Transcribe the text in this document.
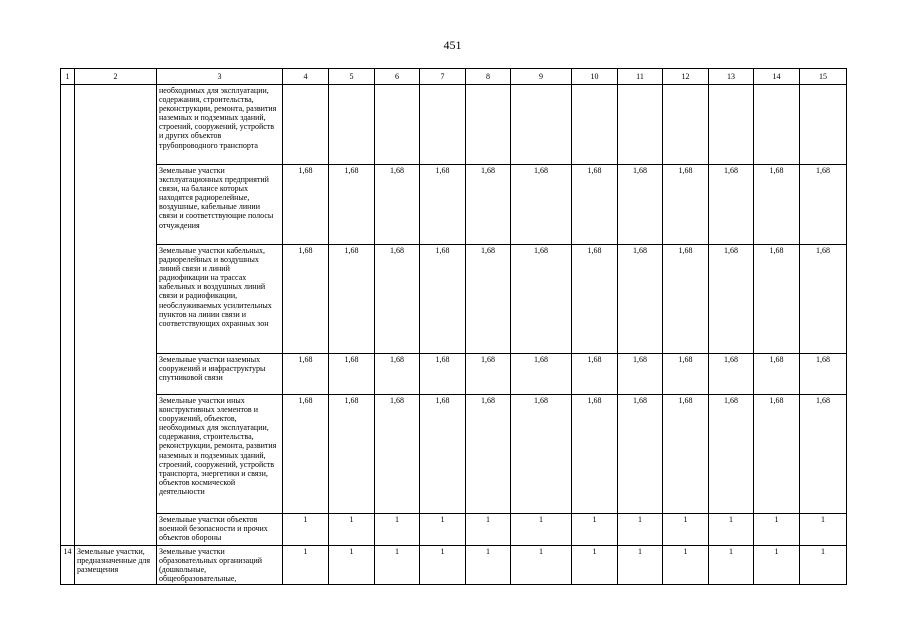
451
1	2	3	4	5	6	7	8	9	10	11	12	13	14	15
		необходимых для эксплуатации, содержания, строительства, реконструкции, ремонта, развития наземных и подземных зданий, строений, сооружений, устройств и других объектов трубопроводного транспорта												
		Земельные участки эксплуатационных предприятий связи, на балансе которых находятся радиорелейные, воздушные, кабельные линии связи и соответствующие полосы отчуждения	1,68	1,68	1,68	1,68	1,68	1,68	1,68	1,68	1,68	1,68	1,68	1,68
		Земельные участки кабельных, радиорелейных и воздушных линий связи и линий радиофикации на трассах кабельных и воздушных линий связи и радиофикации, необслуживаемых усилительных пунктов на линии связи и соответствующих охранных зон	1,68	1,68	1,68	1,68	1,68	1,68	1,68	1,68	1,68	1,68	1,68	1,68
		Земельные участки наземных сооружений и инфраструктуры спутниковой связи	1,68	1,68	1,68	1,68	1,68	1,68	1,68	1,68	1,68	1,68	1,68	1,68
		Земельные участки иных конструктивных элементов и сооружений, объектов, необходимых для эксплуатации, содержания, строительства, реконструкции, ремонта, развития наземных и подземных зданий, строений, сооружений, устройств транспорта, энергетики и связи, объектов космической деятельности	1,68	1,68	1,68	1,68	1,68	1,68	1,68	1,68	1,68	1,68	1,68	1,68
		Земельные участки объектов военной безопасности и прочих объектов обороны	1	1	1	1	1	1	1	1	1	1	1	1
14	Земельные участки, предназначенные для размещения	Земельные участки образовательных организаций (дошкольные, общеобразовательные,	1	1	1	1	1	1	1	1	1	1	1	1
